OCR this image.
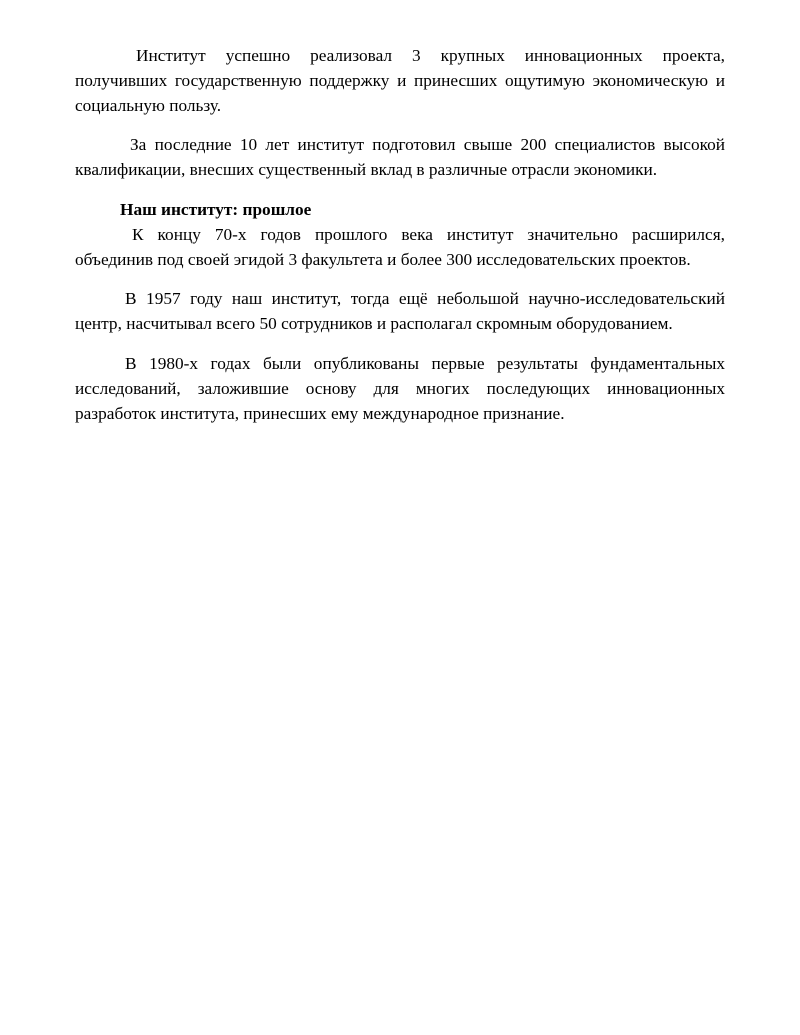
Институт успешно реализовал 3 крупных инновационных проекта, получивших государственную поддержку и принесших ощутимую экономическую и социальную пользу.

За последние 10 лет институт подготовил свыше 200 специалистов высокой квалификации, внесших существенный вклад в различные отрасли экономики.

Наш институт: прошлое

К концу 70-х годов прошлого века институт значительно расширился, объединив под своей эгидой 3 факультета и более 300 исследовательских проектов.

В 1957 году наш институт, тогда ещё небольшой научно-исследовательский центр, насчитывал всего 50 сотрудников и располагал скромным оборудованием.

В 1980-х годах были опубликованы первые результаты фундаментальных исследований, заложившие основу для многих последующих инновационных разработок института, принесших ему международное признание.
